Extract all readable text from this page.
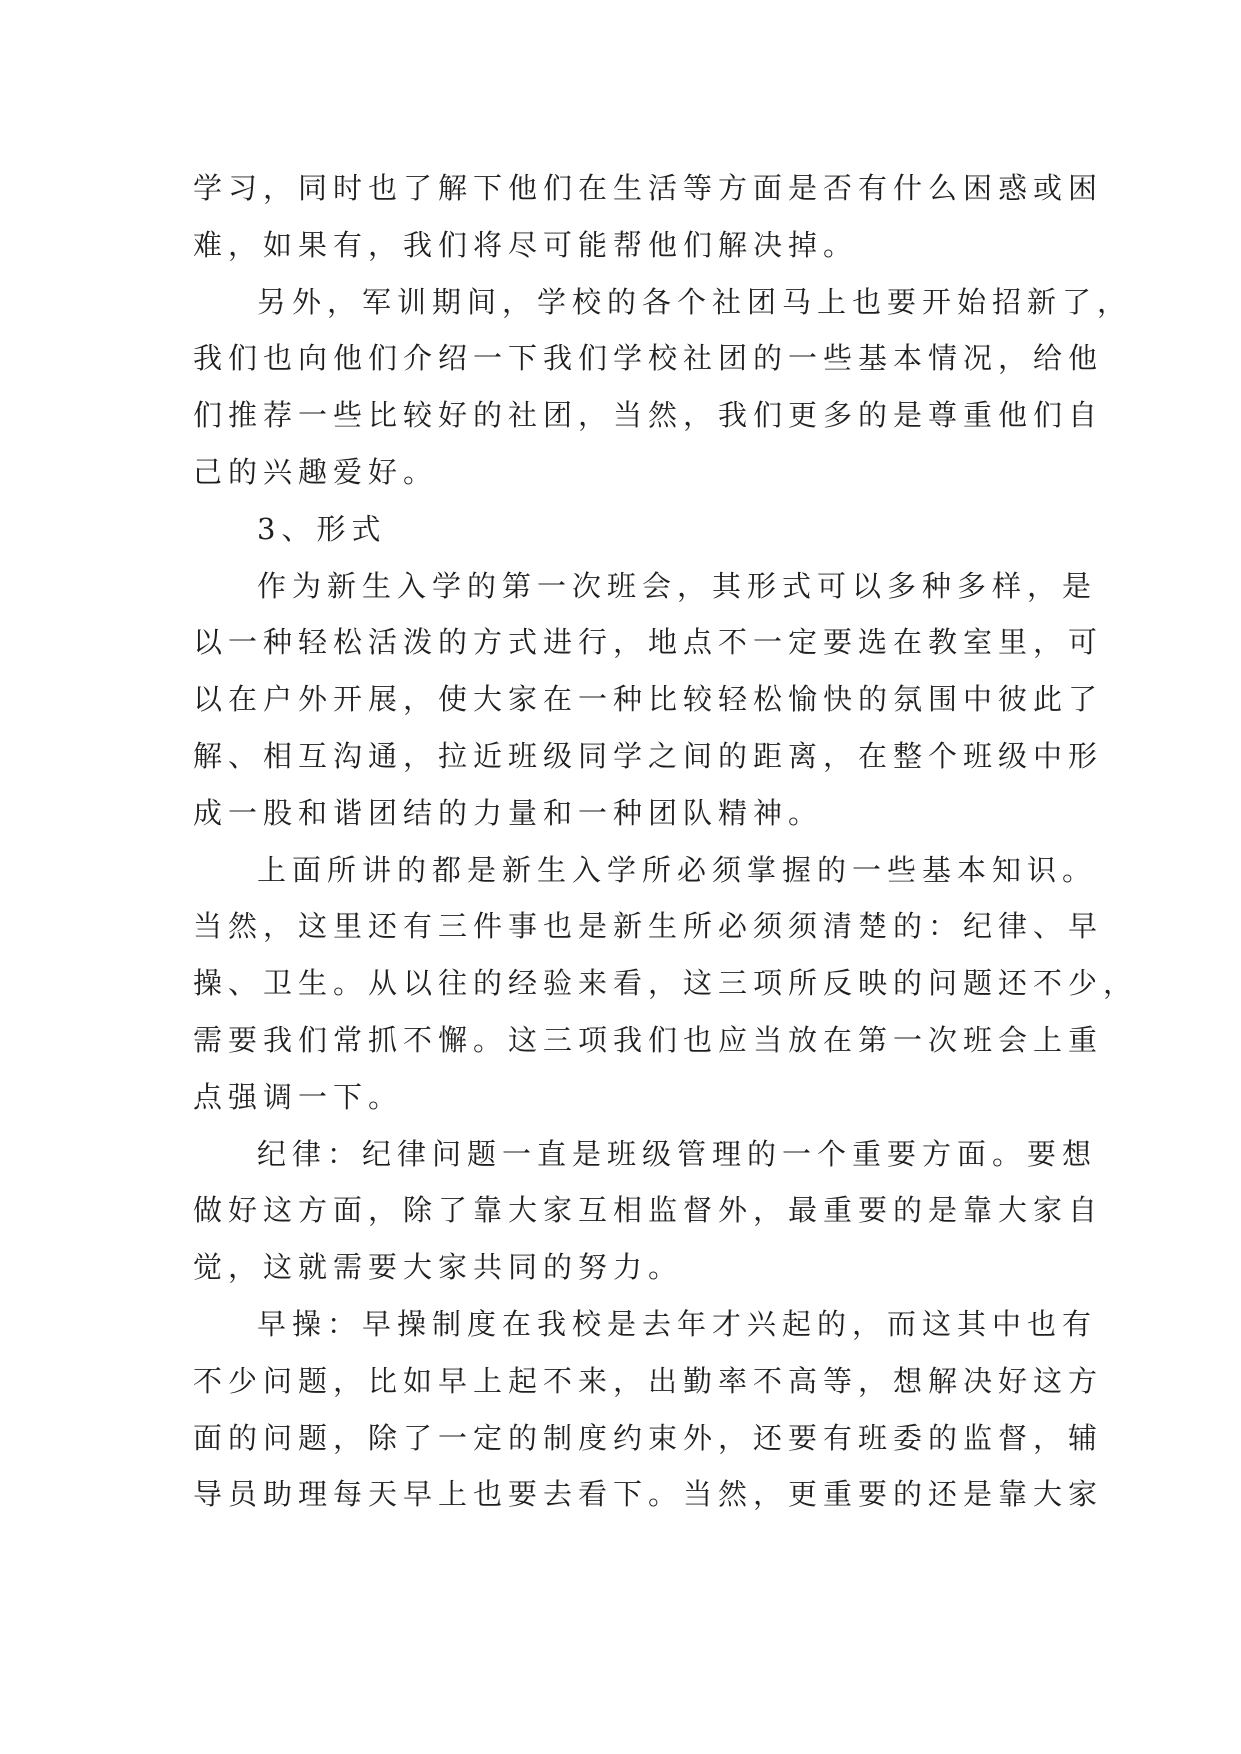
学习，同时也了解下他们在生活等方面是否有什么困惑或困
难，如果有，我们将尽可能帮他们解决掉。
另外，军训期间，学校的各个社团马上也要开始招新了，
我们也向他们介绍一下我们学校社团的一些基本情况，给他
们推荐一些比较好的社团，当然，我们更多的是尊重他们自
己的兴趣爱好。
3、形式
作为新生入学的第一次班会，其形式可以多种多样，是
以一种轻松活泼的方式进行，地点不一定要选在教室里，可
以在户外开展，使大家在一种比较轻松愉快的氛围中彼此了
解、相互沟通，拉近班级同学之间的距离，在整个班级中形
成一股和谐团结的力量和一种团队精神。
上面所讲的都是新生入学所必须掌握的一些基本知识。
当然，这里还有三件事也是新生所必须须清楚的：纪律、早
操、卫生。从以往的经验来看，这三项所反映的问题还不少，
需要我们常抓不懈。这三项我们也应当放在第一次班会上重
点强调一下。
纪律：纪律问题一直是班级管理的一个重要方面。要想
做好这方面，除了靠大家互相监督外，最重要的是靠大家自
觉，这就需要大家共同的努力。
早操：早操制度在我校是去年才兴起的，而这其中也有
不少问题，比如早上起不来，出勤率不高等，想解决好这方
面的问题，除了一定的制度约束外，还要有班委的监督，辅
导员助理每天早上也要去看下。当然，更重要的还是靠大家
